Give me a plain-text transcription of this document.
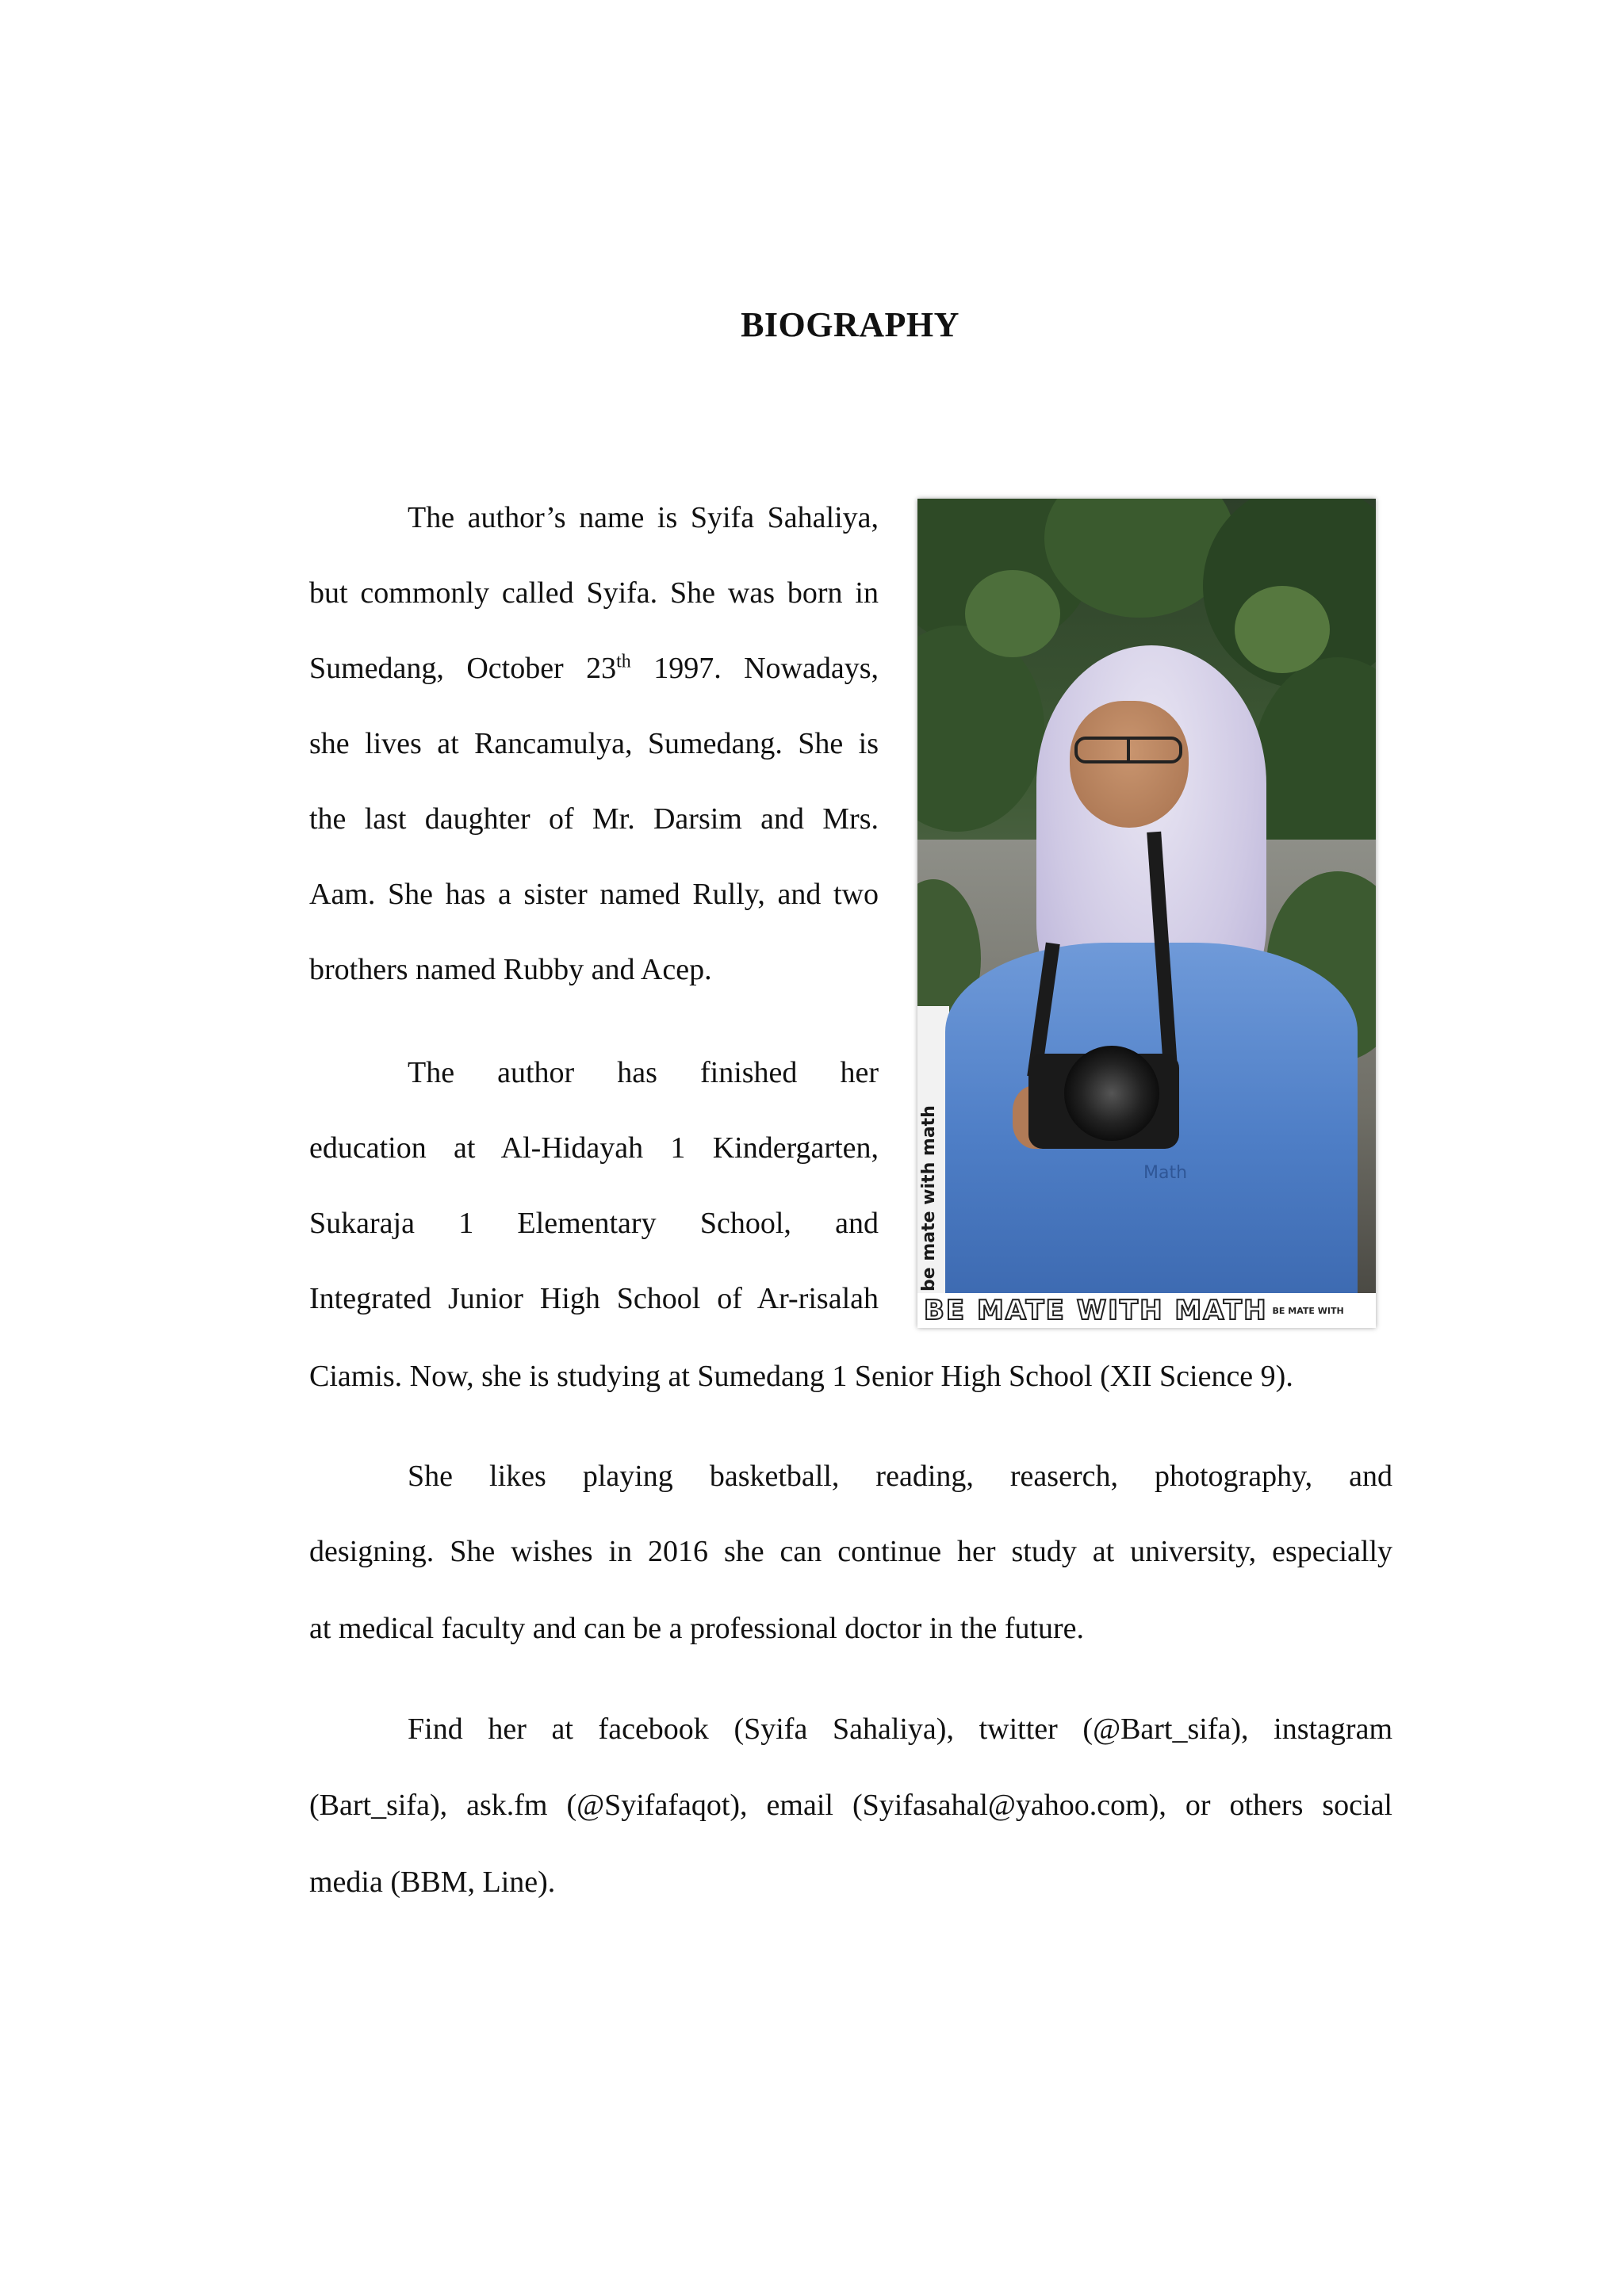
BIOGRAPHY
The author’s name is Syifa Sahaliya,
but commonly called Syifa. She was born in
Sumedang, October 23th 1997. Nowadays,
she lives at Rancamulya, Sumedang. She is
the last daughter of Mr. Darsim and Mrs.
Aam. She has a sister named Rully, and two
brothers named Rubby and Acep.
The author has finished her
education at Al-Hidayah 1 Kindergarten,
Sukaraja 1 Elementary School, and
Integrated Junior High School of Ar-risalah
Ciamis. Now, she is studying at Sumedang 1 Senior High School (XII Science 9).
She likes playing basketball, reading, reaserch, photography, and
designing. She wishes in 2016 she can continue her study at university, especially
at medical faculty and can be a professional doctor in the future.
Find her at facebook (Syifa Sahaliya), twitter (@Bart_sifa), instagram
(Bart_sifa), ask.fm (@Syifafaqot), email (Syifasahal@yahoo.com), or others social
media (BBM, Line).
Math
be mate with math
BE MATE WITH MATH BE MATE WITH
